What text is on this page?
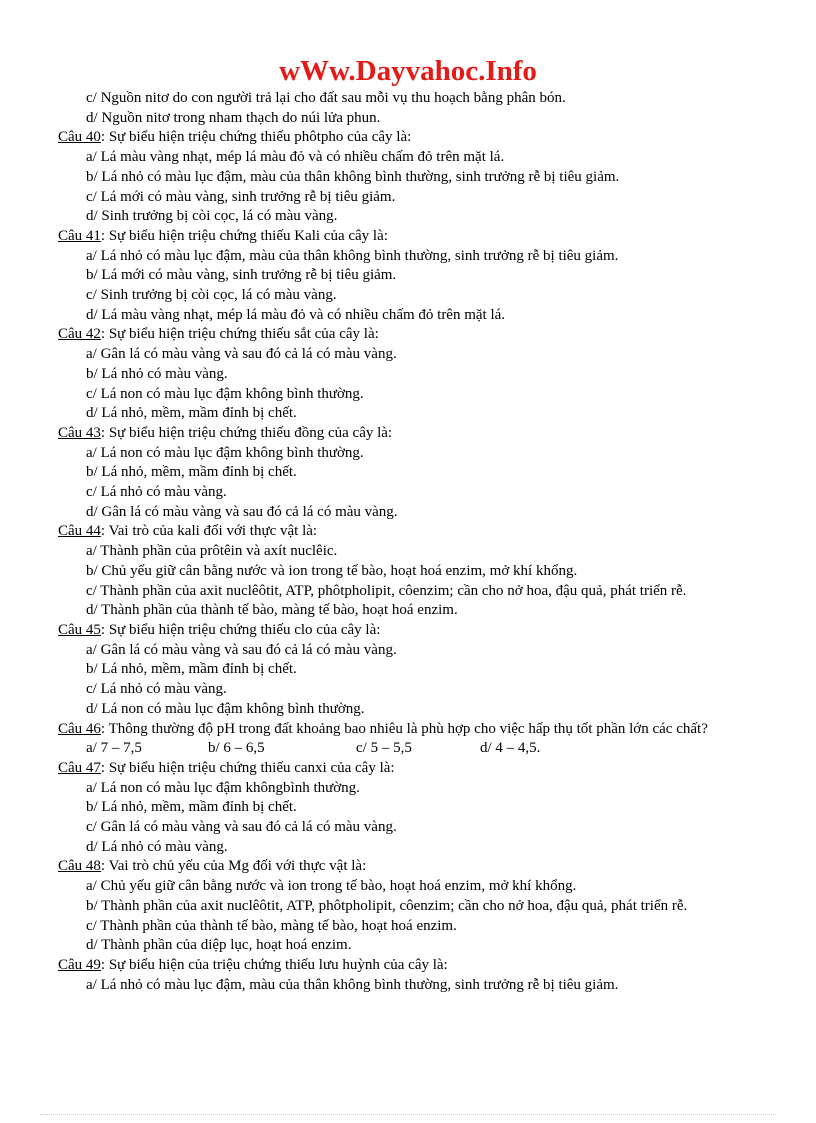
wWw.Dayvahoc.Info
c/ Nguồn nitơ do con người trả lại cho đất sau mỗi vụ thu hoạch bằng phân bón.
d/ Nguồn nitơ trong nham thạch do núi lửa phun.
Câu 40: Sự biểu hiện triệu chứng thiếu phôtpho của cây là:
a/ Lá màu vàng nhạt, mép lá màu đỏ và có nhiều chấm đỏ trên mặt lá.
b/ Lá nhỏ có màu lục đậm, màu của thân không bình thường, sinh trưởng rễ bị tiêu giảm.
c/ Lá mới có màu vàng, sinh trưởng rễ bị tiêu giảm.
d/ Sinh trưởng bị còi cọc, lá có màu vàng.
Câu 41: Sự biểu hiện triệu chứng thiếu Kali của cây là:
a/ Lá nhỏ có màu lục đậm, màu của thân không bình thường, sinh trưởng rễ bị tiêu giảm.
b/ Lá mới có màu vàng, sinh trưởng rễ bị tiêu giảm.
c/ Sinh trưởng bị còi cọc, lá có màu vàng.
d/ Lá màu vàng nhạt, mép lá màu đỏ và có nhiều chấm đỏ trên mặt lá.
Câu 42: Sự biểu hiện triệu chứng thiếu sắt của cây là:
a/ Gân lá có màu vàng và sau đó cả lá có màu vàng.
b/ Lá nhỏ có màu vàng.
c/ Lá non có màu lục đậm không bình thường.
d/ Lá nhỏ, mềm, mầm đỉnh bị chết.
Câu 43: Sự biểu hiện triệu chứng thiếu đồng của cây là:
a/ Lá non có màu lục đậm không bình thường.
b/ Lá nhỏ, mềm, mầm đỉnh bị chết.
c/ Lá nhỏ có màu vàng.
d/ Gân lá có màu vàng và sau đó cả lá có màu vàng.
Câu 44: Vai trò của kali đối với thực vật là:
a/ Thành phần của prôtêin và axít nuclêic.
b/ Chủ yếu giữ cân bằng nước và ion trong tế bào, hoạt hoá enzim, mở khí khổng.
c/ Thành phần của axit nuclêôtit, ATP, phôtpholipit, côenzim; cần cho nở hoa, đậu quả, phát triển rễ.
d/ Thành phần của thành tế bào, màng tế bào, hoạt hoá enzim.
Câu 45: Sự biểu hiện triệu chứng thiếu clo của cây là:
a/ Gân lá có màu vàng và sau đó cả lá có màu vàng.
b/ Lá nhỏ, mềm, mầm đỉnh bị chết.
c/ Lá nhỏ có màu vàng.
d/ Lá non có màu lục đậm không bình thường.
Câu 46: Thông thường độ pH trong đất khoảng bao nhiêu là phù hợp cho việc hấp thụ tốt phần lớn các chất?
a/ 7 – 7,5	b/ 6 – 6,5	c/ 5 – 5,5	d/ 4 – 4,5.
Câu 47: Sự biểu hiện triệu chứng thiếu canxi của cây là:
a/ Lá non có màu lục đậm khôngbình thường.
b/ Lá nhỏ, mềm, mầm đỉnh bị chết.
c/ Gân lá có màu vàng và sau đó cả lá có màu vàng.
d/ Lá nhỏ có màu vàng.
Câu 48: Vai trò chủ yếu của Mg đối với thực vật là:
a/ Chủ yếu giữ cân bằng nước và ion trong tế bào, hoạt hoá enzim, mở khí khổng.
b/ Thành phần của axit nuclêôtit, ATP, phôtpholipit, côenzim; cần cho nở hoa, đậu quả, phát triển rễ.
c/ Thành phần của thành tế bào, màng tế bào, hoạt hoá enzim.
d/ Thành phần của diệp lục, hoạt hoá enzim.
Câu 49: Sự biểu hiện của triệu chứng thiếu lưu huỳnh của cây là:
a/ Lá nhỏ có màu lục đậm, màu của thân không bình thường, sinh trưởng rễ bị tiêu giảm.
